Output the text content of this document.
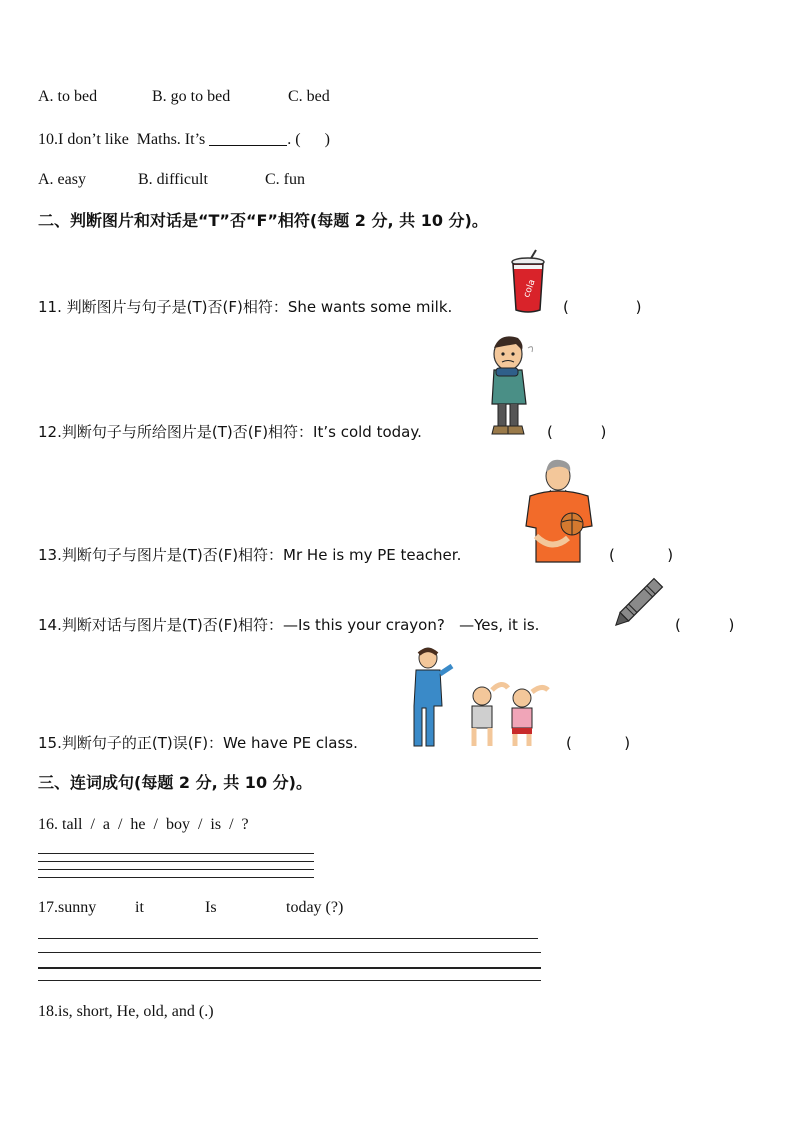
A. to bed	B. go to bed	C. bed
10.I don’t like  Maths. It’s	. (      )
A. easy	B. difficult	C. fun
二、判断图片和对话是“T”否“F”相符(每题 2 分, 共 10 分)。
11. 判断图片与句子是(T)否(F)相符：She wants some milk.
cola
(              )
12.判断句子与所给图片是(T)否(F)相符：It’s cold today.	(          )
13.判断句子与图片是(T)否(F)相符：Mr He is my PE teacher.	(           )
14.判断对话与图片是(T)否(F)相符：—Is this your crayon?   —Yes, it is.	(          )
15.判断句子的正(T)误(F)：We have PE class.	(           )
三、连词成句(每题 2 分, 共 10 分)。
16. tall  /  a  /  he  /  boy  /  is  /  ?
17.sunny it	Is	today (?)
18.is, short, He, old, and (.)
